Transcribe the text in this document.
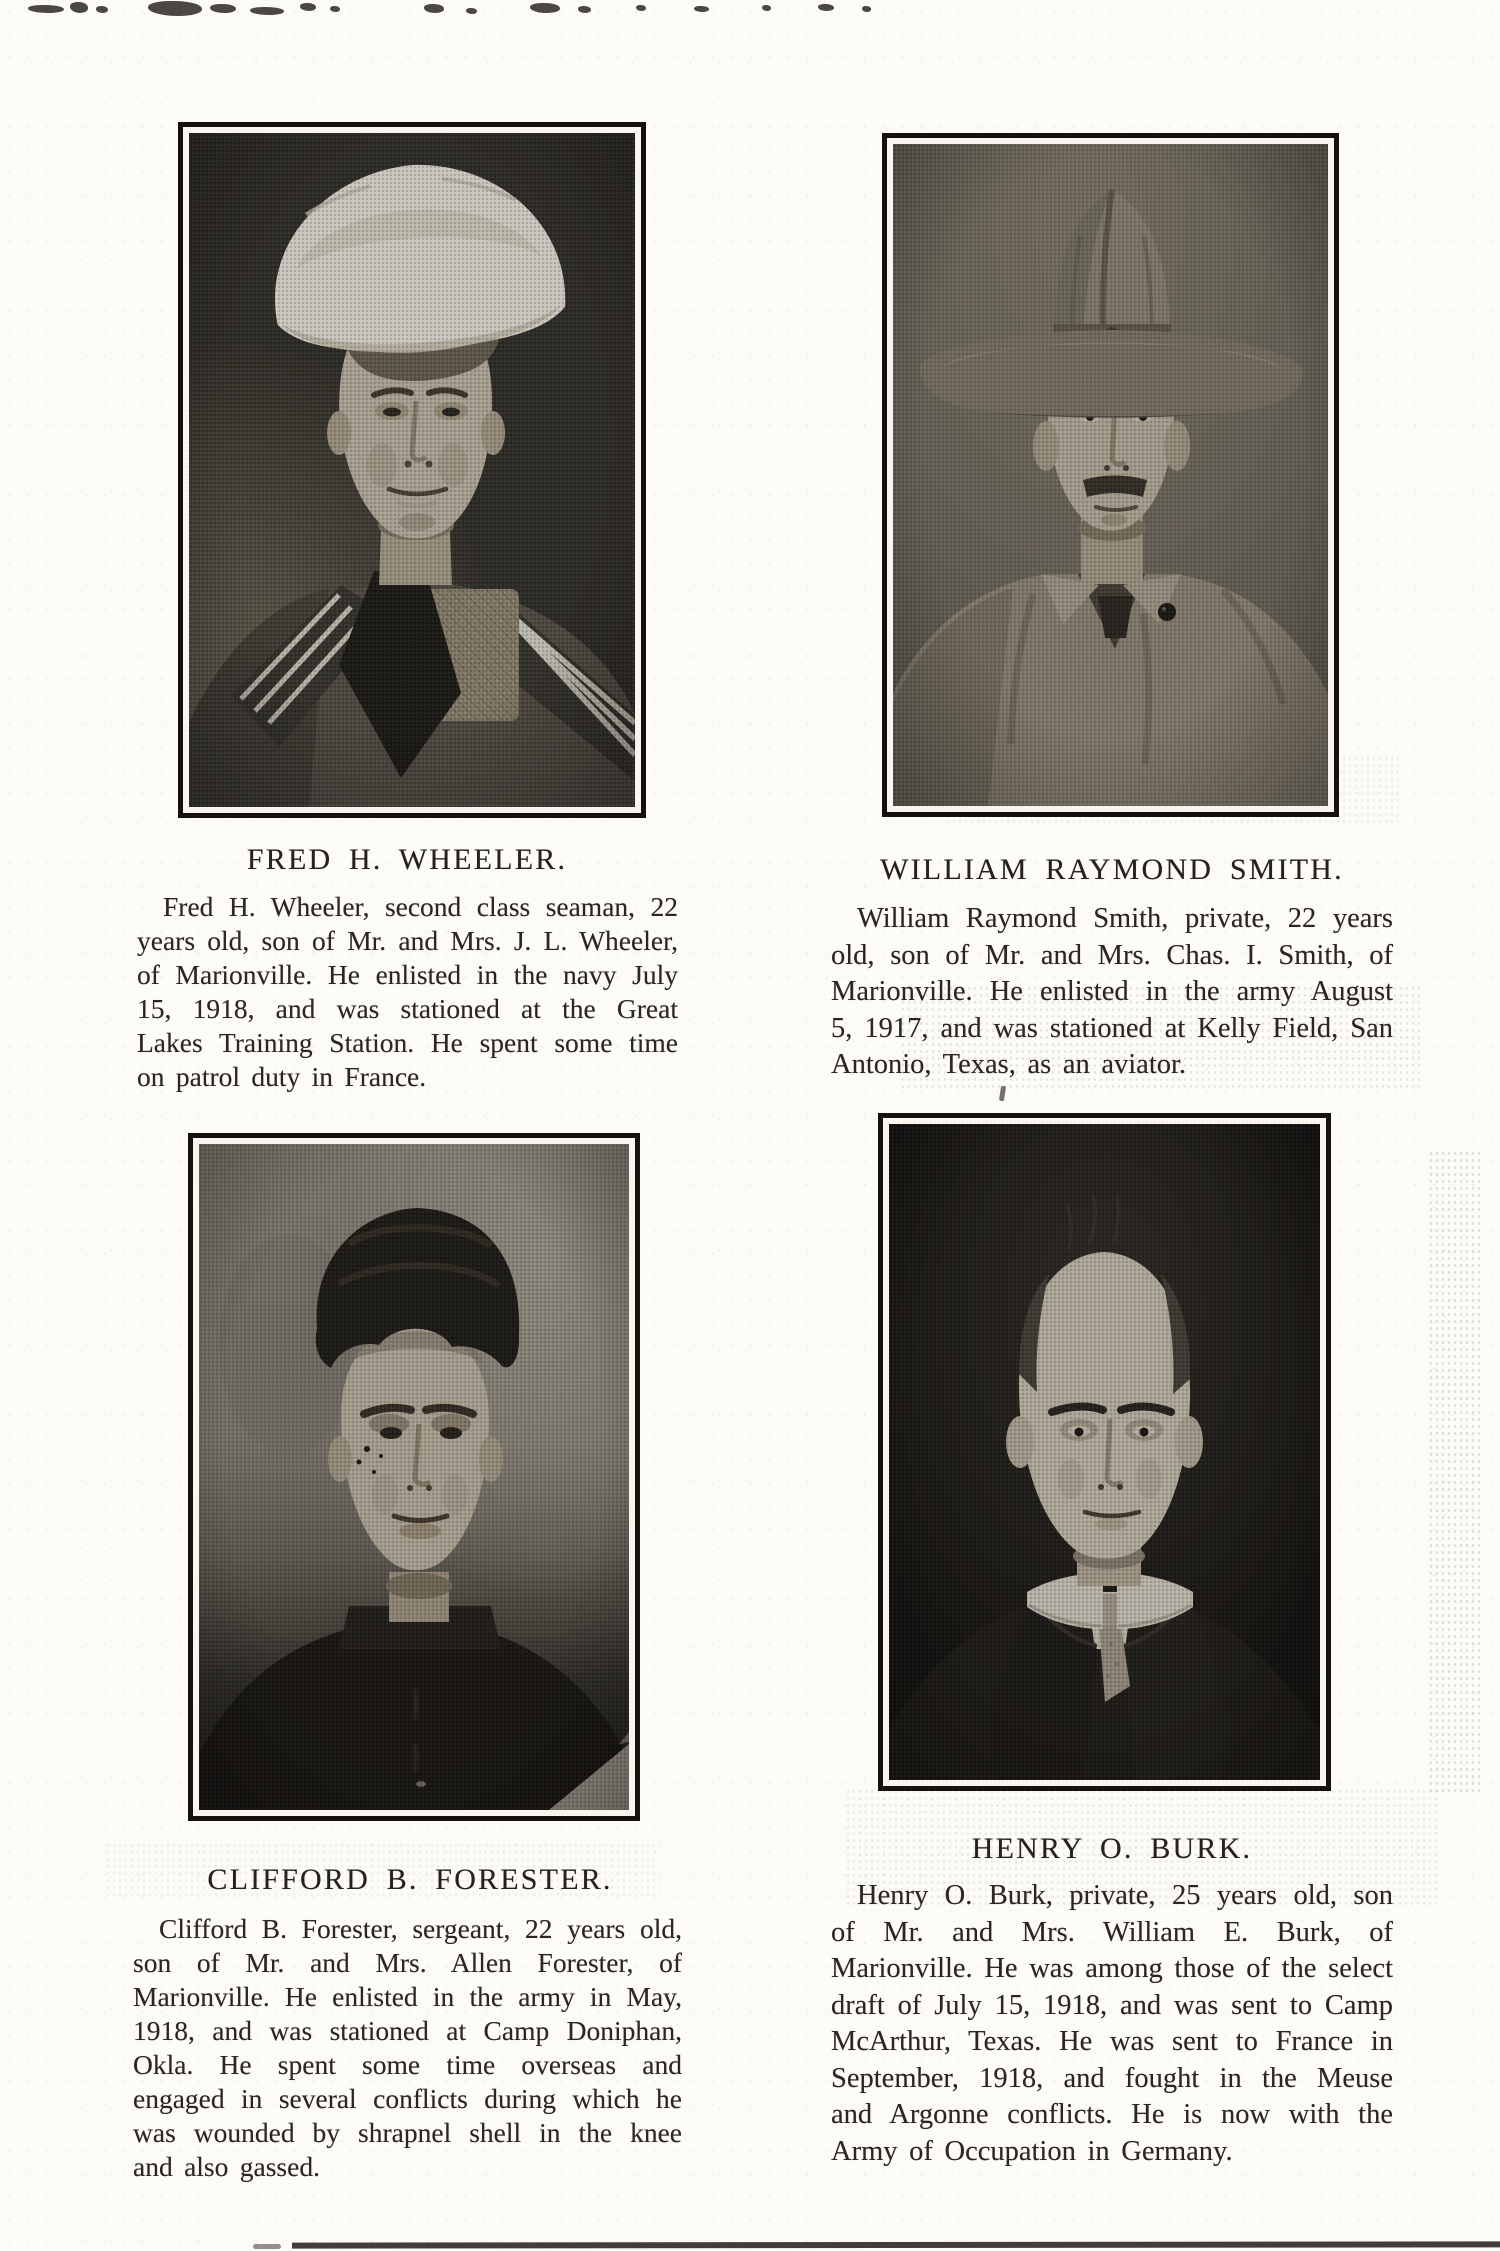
FRED H. WHEELER.

Fred H. Wheeler, second class seaman, 22 years old, son of Mr. and Mrs. J. L. Wheeler, of Marionville. He enlisted in the navy July 15, 1918, and was stationed at the Great Lakes Training Station. He spent some time on patrol duty in France.

WILLIAM RAYMOND SMITH.

William Raymond Smith, private, 22 years old, son of Mr. and Mrs. Chas. I. Smith, of Marionville. He enlisted in the army August 5, 1917, and was stationed at Kelly Field, San Antonio, Texas, as an aviator.

CLIFFORD B. FORESTER.

Clifford B. Forester, sergeant, 22 years old, son of Mr. and Mrs. Allen Forester, of Marionville. He enlisted in the army in May, 1918, and was stationed at Camp Doniphan, Okla. He spent some time overseas and engaged in several conflicts during which he was wounded by shrapnel shell in the knee and also gassed.

HENRY O. BURK.

Henry O. Burk, private, 25 years old, son of Mr. and Mrs. William E. Burk, of Marionville. He was among those of the select draft of July 15, 1918, and was sent to Camp McArthur, Texas. He was sent to France in September, 1918, and fought in the Meuse and Argonne conflicts. He is now with the Army of Occupation in Germany.
